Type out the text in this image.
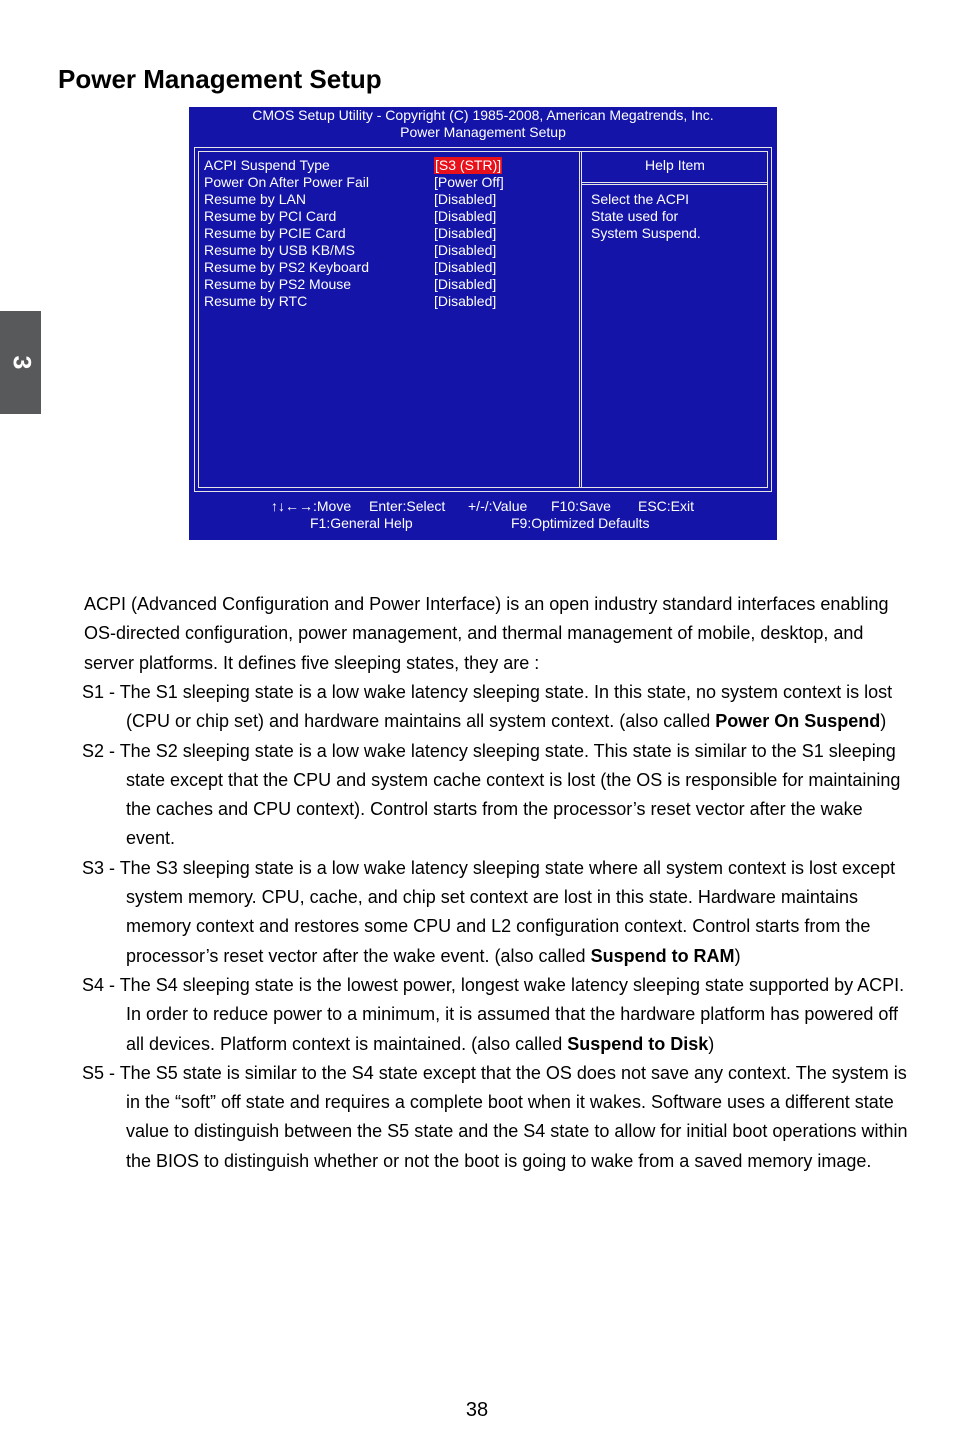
3
Power Management Setup
CMOS Setup Utility - Copyright (C) 1985-2008, American Megatrends, Inc.
Power Management Setup
ACPI Suspend Type	[S3 (STR)]
Power On After Power Fail	[Power Off]
Resume by LAN	[Disabled]
Resume by PCI Card	[Disabled]
Resume by PCIE Card	[Disabled]
Resume by USB KB/MS	[Disabled]
Resume by PS2 Keyboard	[Disabled]
Resume by PS2 Mouse	[Disabled]
Resume by RTC	[Disabled]
Help Item
Select the ACPI
State used for
System Suspend.
↑↓←→:Move Enter:Select +/-/:Value F10:Save ESC:Exit
F1:General Help	F9:Optimized Defaults

ACPI (Advanced Configuration and Power Interface) is an open industry standard interfaces enabling OS-directed configuration, power management, and thermal management of mobile, desktop, and server platforms. It defines five sleeping states, they are :

S1 - The S1 sleeping state is a low wake latency sleeping state. In this state, no system context is lost (CPU or chip set) and hardware maintains all system context. (also called Power On Suspend)
S2 - The S2 sleeping state is a low wake latency sleeping state. This state is similar to the S1 sleeping state except that the CPU and system cache context is lost (the OS is responsible for maintaining the caches and CPU context). Control starts from the processor’s reset vector after the wake event.
S3 - The S3 sleeping state is a low wake latency sleeping state where all system context is lost except system memory. CPU, cache, and chip set context are lost in this state. Hardware maintains memory context and restores some CPU and L2 configuration context. Control starts from the processor’s reset vector after the wake event. (also called Suspend to RAM)
S4 - The S4 sleeping state is the lowest power, longest wake latency sleeping state supported by ACPI. In order to reduce power to a minimum, it is assumed that the hardware platform has powered off all devices. Platform context is maintained. (also called Suspend to Disk)
S5 - The S5 state is similar to the S4 state except that the OS does not save any context. The system is in the “soft” off state and requires a complete boot when it wakes. Software uses a different state value to distinguish between the S5 state and the S4 state to allow for initial boot operations within the BIOS to distinguish whether or not the boot is going to wake from a saved memory image.
38
